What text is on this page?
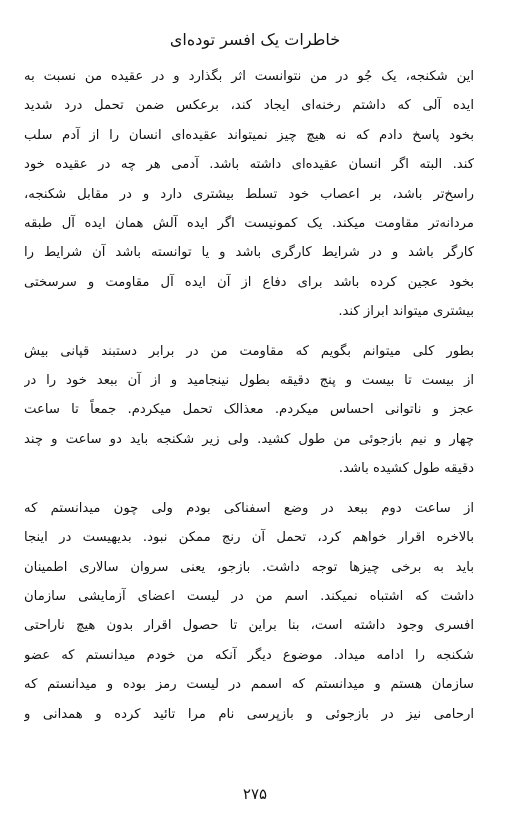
خاطرات یک افسر توده‌ای
این شکنجه، یک جُو در من نتوانست اثر بگذارد و در عقیده من نسبت به
ایده آلی که داشتم رخنه‌ای ایجاد کند، برعکس ضمن تحمل درد شدید
بخود پاسخ دادم که نه هیچ چیز نمیتواند عقیده‌ای انسان را از آدم سلب
کند. البته اگر انسان عقیده‌ای داشته باشد. آدمی هر چه در عقیده خود
راسخ‌تر باشد، بر اعصاب خود تسلط بیشتری دارد و در مقابل شکنجه،
مردانه‌تر مقاومت میکند. یک کمونیست اگر ایده آلش همان ایده آل طبقه
کارگر باشد و در شرایط کارگری باشد و یا توانسته باشد آن شرایط را
بخود عجین کرده باشد برای دفاع از آن ایده آل مقاومت و سرسختی
بیشتری میتواند ابراز کند.
بطور کلی میتوانم بگویم که مقاومت من در برابر دستبند قپانی بیش
از بیست تا بیست و پنج دقیقه بطول نینجامید و از آن ببعد خود را در
عجز و ناتوانی احساس میکردم. معذالک تحمل میکردم. جمعاً تا ساعت
چهار و نیم بازجوئی من طول کشید. ولی زیر شکنجه باید دو ساعت و چند
دقیقه طول کشیده باشد.
از ساعت دوم ببعد در وضع اسفناکی بودم ولی چون میدانستم که
بالاخره اقرار خواهم کرد، تحمل آن رنج ممکن نبود. بدیهیست در اینجا
باید به برخی چیزها توجه داشت. بازجو، یعنی سروان سالاری اطمینان
داشت که اشتباه نمیکند. اسم من در لیست اعضای آزمایشی سازمان
افسری وجود داشته است، بنا براین تا حصول اقرار بدون هیچ ناراحتی
شکنجه را ادامه میداد. موضوع دیگر آنکه من خودم میدانستم که عضو
سازمان هستم و میدانستم که اسمم در لیست رمز بوده و میدانستم که
ارحامی نیز در بازجوئی و بازپرسی نام مرا تائید کرده و همدانی و
۲۷۵
